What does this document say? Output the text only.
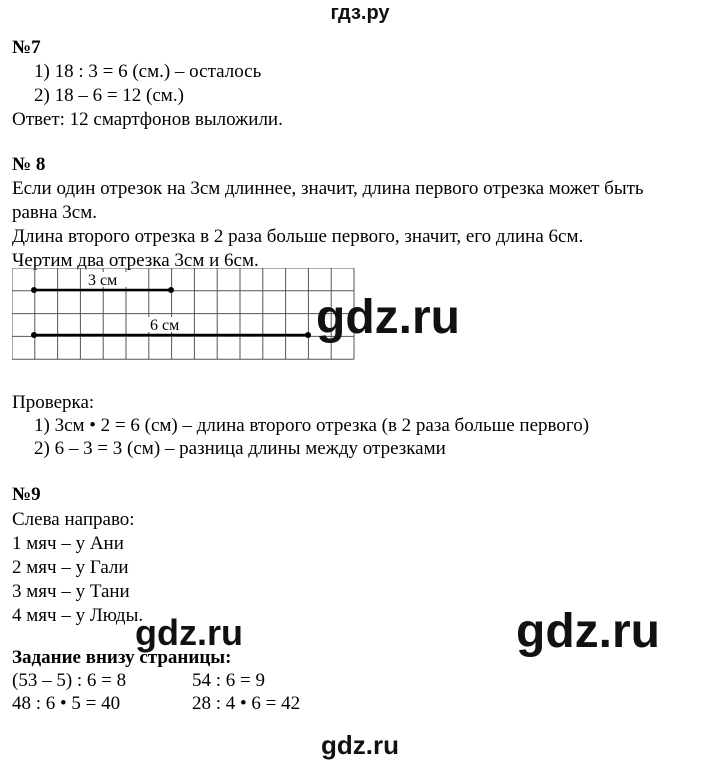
гдз.ру
№7
1) 18 : 3 = 6 (см.) – осталось
2) 18 – 6 = 12 (см.)
Ответ: 12 смартфонов выложили.
№ 8
Если один отрезок на 3см длиннее, значит, длина первого отрезка может быть
равна 3см.
Длина второго отрезка в 2 раза больше первого, значит, его длина 6см.
Чертим два отрезка 3см и 6см.
3 см
6 см	gdz.ru
Проверка:
1) 3см • 2 = 6 (см) – длина второго отрезка (в 2 раза больше первого)
2) 6 – 3 = 3 (см) – разница длины между отрезками
№9
Слева направо:
1 мяч – у Ани
2 мяч – у Гали
3 мяч – у Тани
4 мяч – у Люды.
gdz.ru	gdz.ru
Задание внизу страницы:
(53 – 5) : 6 = 8	54 : 6 = 9
48 : 6 • 5 = 40	28 : 4 • 6 = 42
gdz.ru
